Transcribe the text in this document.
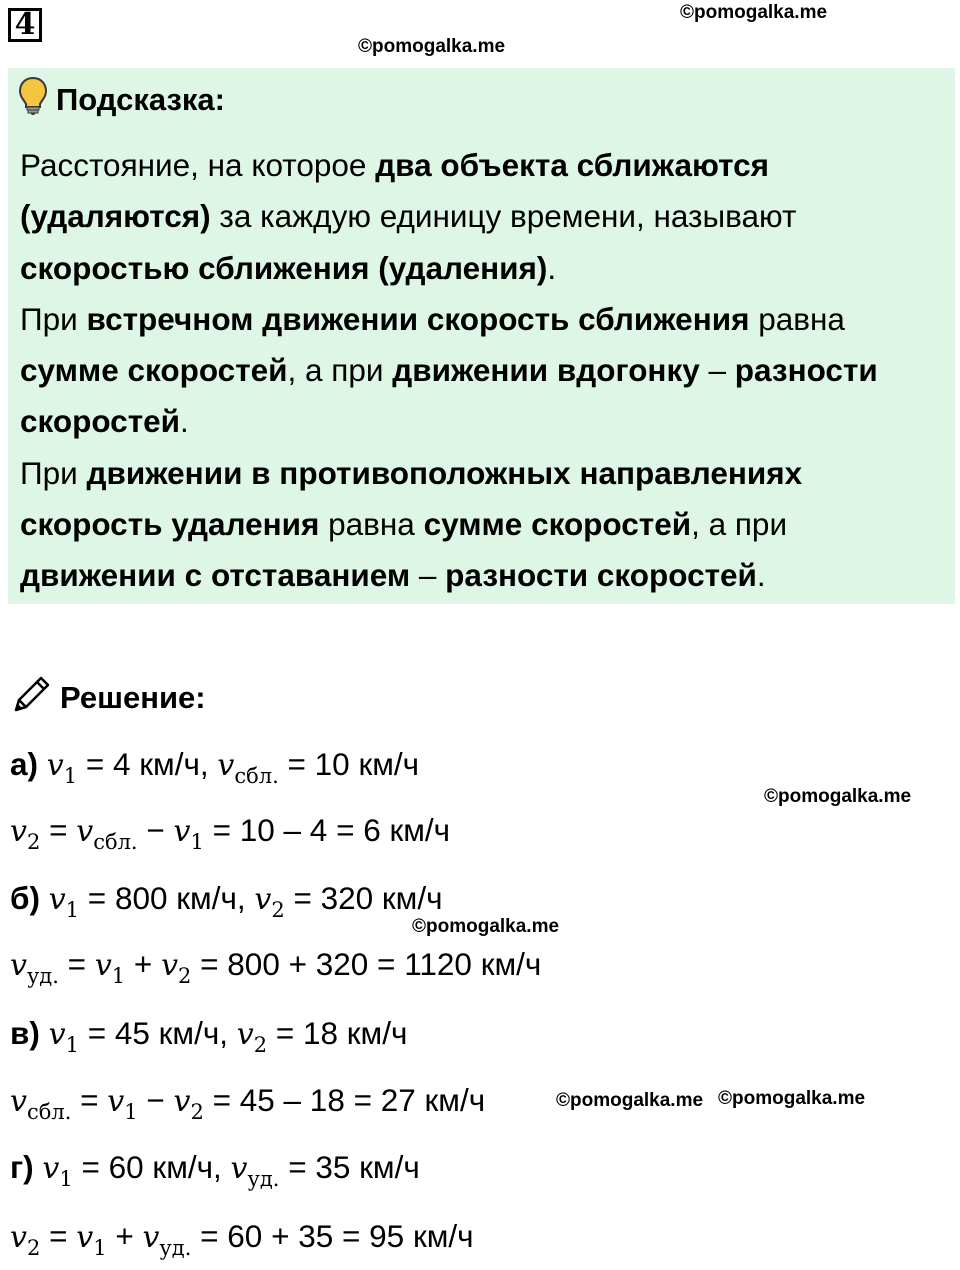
4	©pomogalka.me
©pomogalka.me
Подсказка:

Расстояние, на которое два объекта сближаются (удаляются) за каждую единицу времени, называют скоростью сближения (удаления).

При встречном движении скорость сближения равна сумме скоростей, а при движении вдогонку – разности скоростей.

При движении в противоположных направлениях скорость удаления равна сумме скоростей, а при движении с отставанием – разности скоростей.

Решение:
а) $v_1 = 4$ км/ч, $v_{сбл.} = 10$ км/ч
©pomogalka.me
$v_2 = v_{сбл.} - v_1 = 10 - 4 = 6$ км/ч
б) $v_1 = 800$ км/ч, $v_2 = 320$ км/ч
©pomogalka.me
$v_{уд.} = v_1 + v_2 = 800 + 320 = 1120$ км/ч
в) $v_1 = 45$ км/ч, $v_2 = 18$ км/ч
$v_{сбл.} = v_1 - v_2 = 45 - 18 = 27$ км/ч	©pomogalka.me ©pomogalka.me
г) $v_1 = 60$ км/ч, $v_{уд.} = 35$ км/ч
$v_2 = v_1 + v_{уд.} = 60 + 35 = 95$ км/ч
